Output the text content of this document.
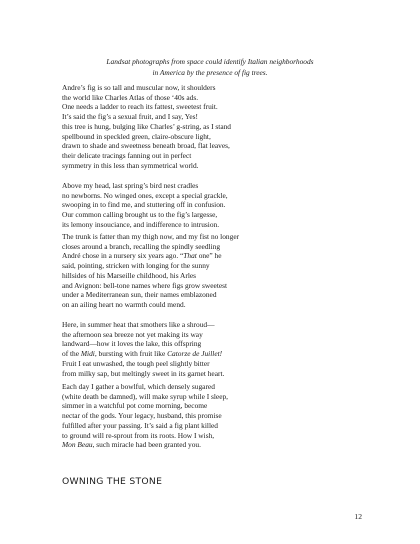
Landsat photographs from space could identify Italian neighborhoods
in America by the presence of fig trees.
Andre’s fig is so tall and muscular now, it shoulders
the world like Charles Atlas of those ‘40s ads.
One needs a ladder to reach its fattest, sweetest fruit.
It’s said the fig’s a sexual fruit, and I say, Yes!
this tree is hung, bulging like Charles’ g-string, as I stand
spellbound in speckled green, claire-obscure light,
drawn to shade and sweetness beneath broad, flat leaves,
their delicate tracings fanning out in perfect
symmetry in this less than symmetrical world.
Above my head, last spring’s bird nest cradles
no newborns. No winged ones, except a special grackle,
swooping in to find me, and stuttering off in confusion.
Our common calling brought us to the fig’s largesse,
its lemony insouciance, and indifference to intrusion.
The trunk is fatter than my thigh now, and my fist no longer
closes around a branch, recalling the spindly seedling
André chose in a nursery six years ago. “That one” he
said, pointing, stricken with longing for the sunny
hillsides of his Marseille childhood, his Arles
and Avignon: bell-tone names where figs grow sweetest
under a Mediterranean sun, their names emblazoned
on an ailing heart no warmth could mend.
Here, in summer heat that smothers like a shroud—
the afternoon sea breeze not yet making its way
landward—how it loves the lake, this offspring
of the Midi, bursting with fruit like Catorze de Juillet!
Fruit I eat unwashed, the tough peel slightly bitter
from milky sap, but meltingly sweet in its garnet heart.
Each day I gather a bowlful, which densely sugared
(white death be damned), will make syrup while I sleep,
simmer in a watchful pot come morning, become
nectar of the gods. Your legacy, husband, this promise
fulfilled after your passing. It’s said a fig plant killed
to ground will re-sprout from its roots. How I wish,
Mon Beau, such miracle had been granted you.
OWNING THE STONE
12
